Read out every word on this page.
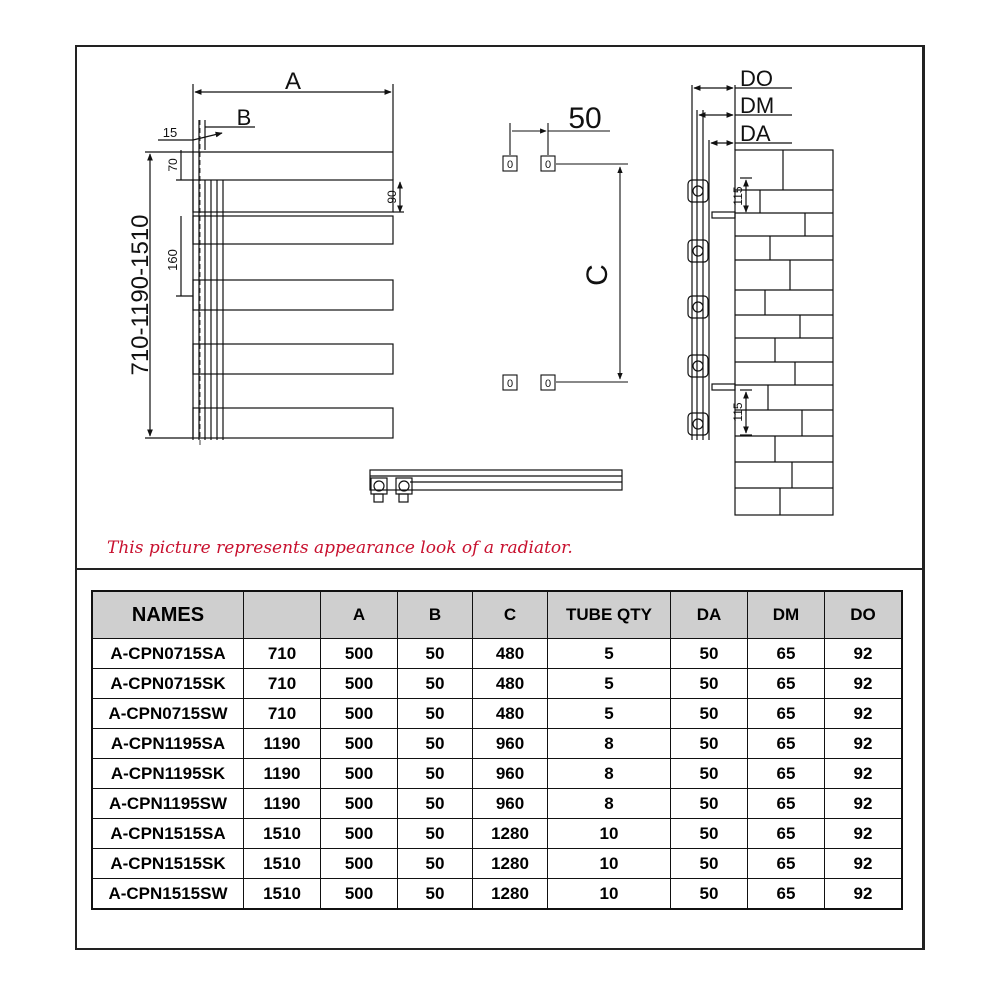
A
B
15
70
90
160
710-1190-1510
0	0
0	0
50
C
DO
DM
DA
115
115
This picture represents appearance look of a radiator.
NAMES		A	B	C	TUBE QTY	DA	DM	DO
A-CPN0715SA	710	500	50	480	5	50	65	92
A-CPN0715SK	710	500	50	480	5	50	65	92
A-CPN0715SW	710	500	50	480	5	50	65	92
A-CPN1195SA	1190	500	50	960	8	50	65	92
A-CPN1195SK	1190	500	50	960	8	50	65	92
A-CPN1195SW	1190	500	50	960	8	50	65	92
A-CPN1515SA	1510	500	50	1280	10	50	65	92
A-CPN1515SK	1510	500	50	1280	10	50	65	92
A-CPN1515SW	1510	500	50	1280	10	50	65	92
